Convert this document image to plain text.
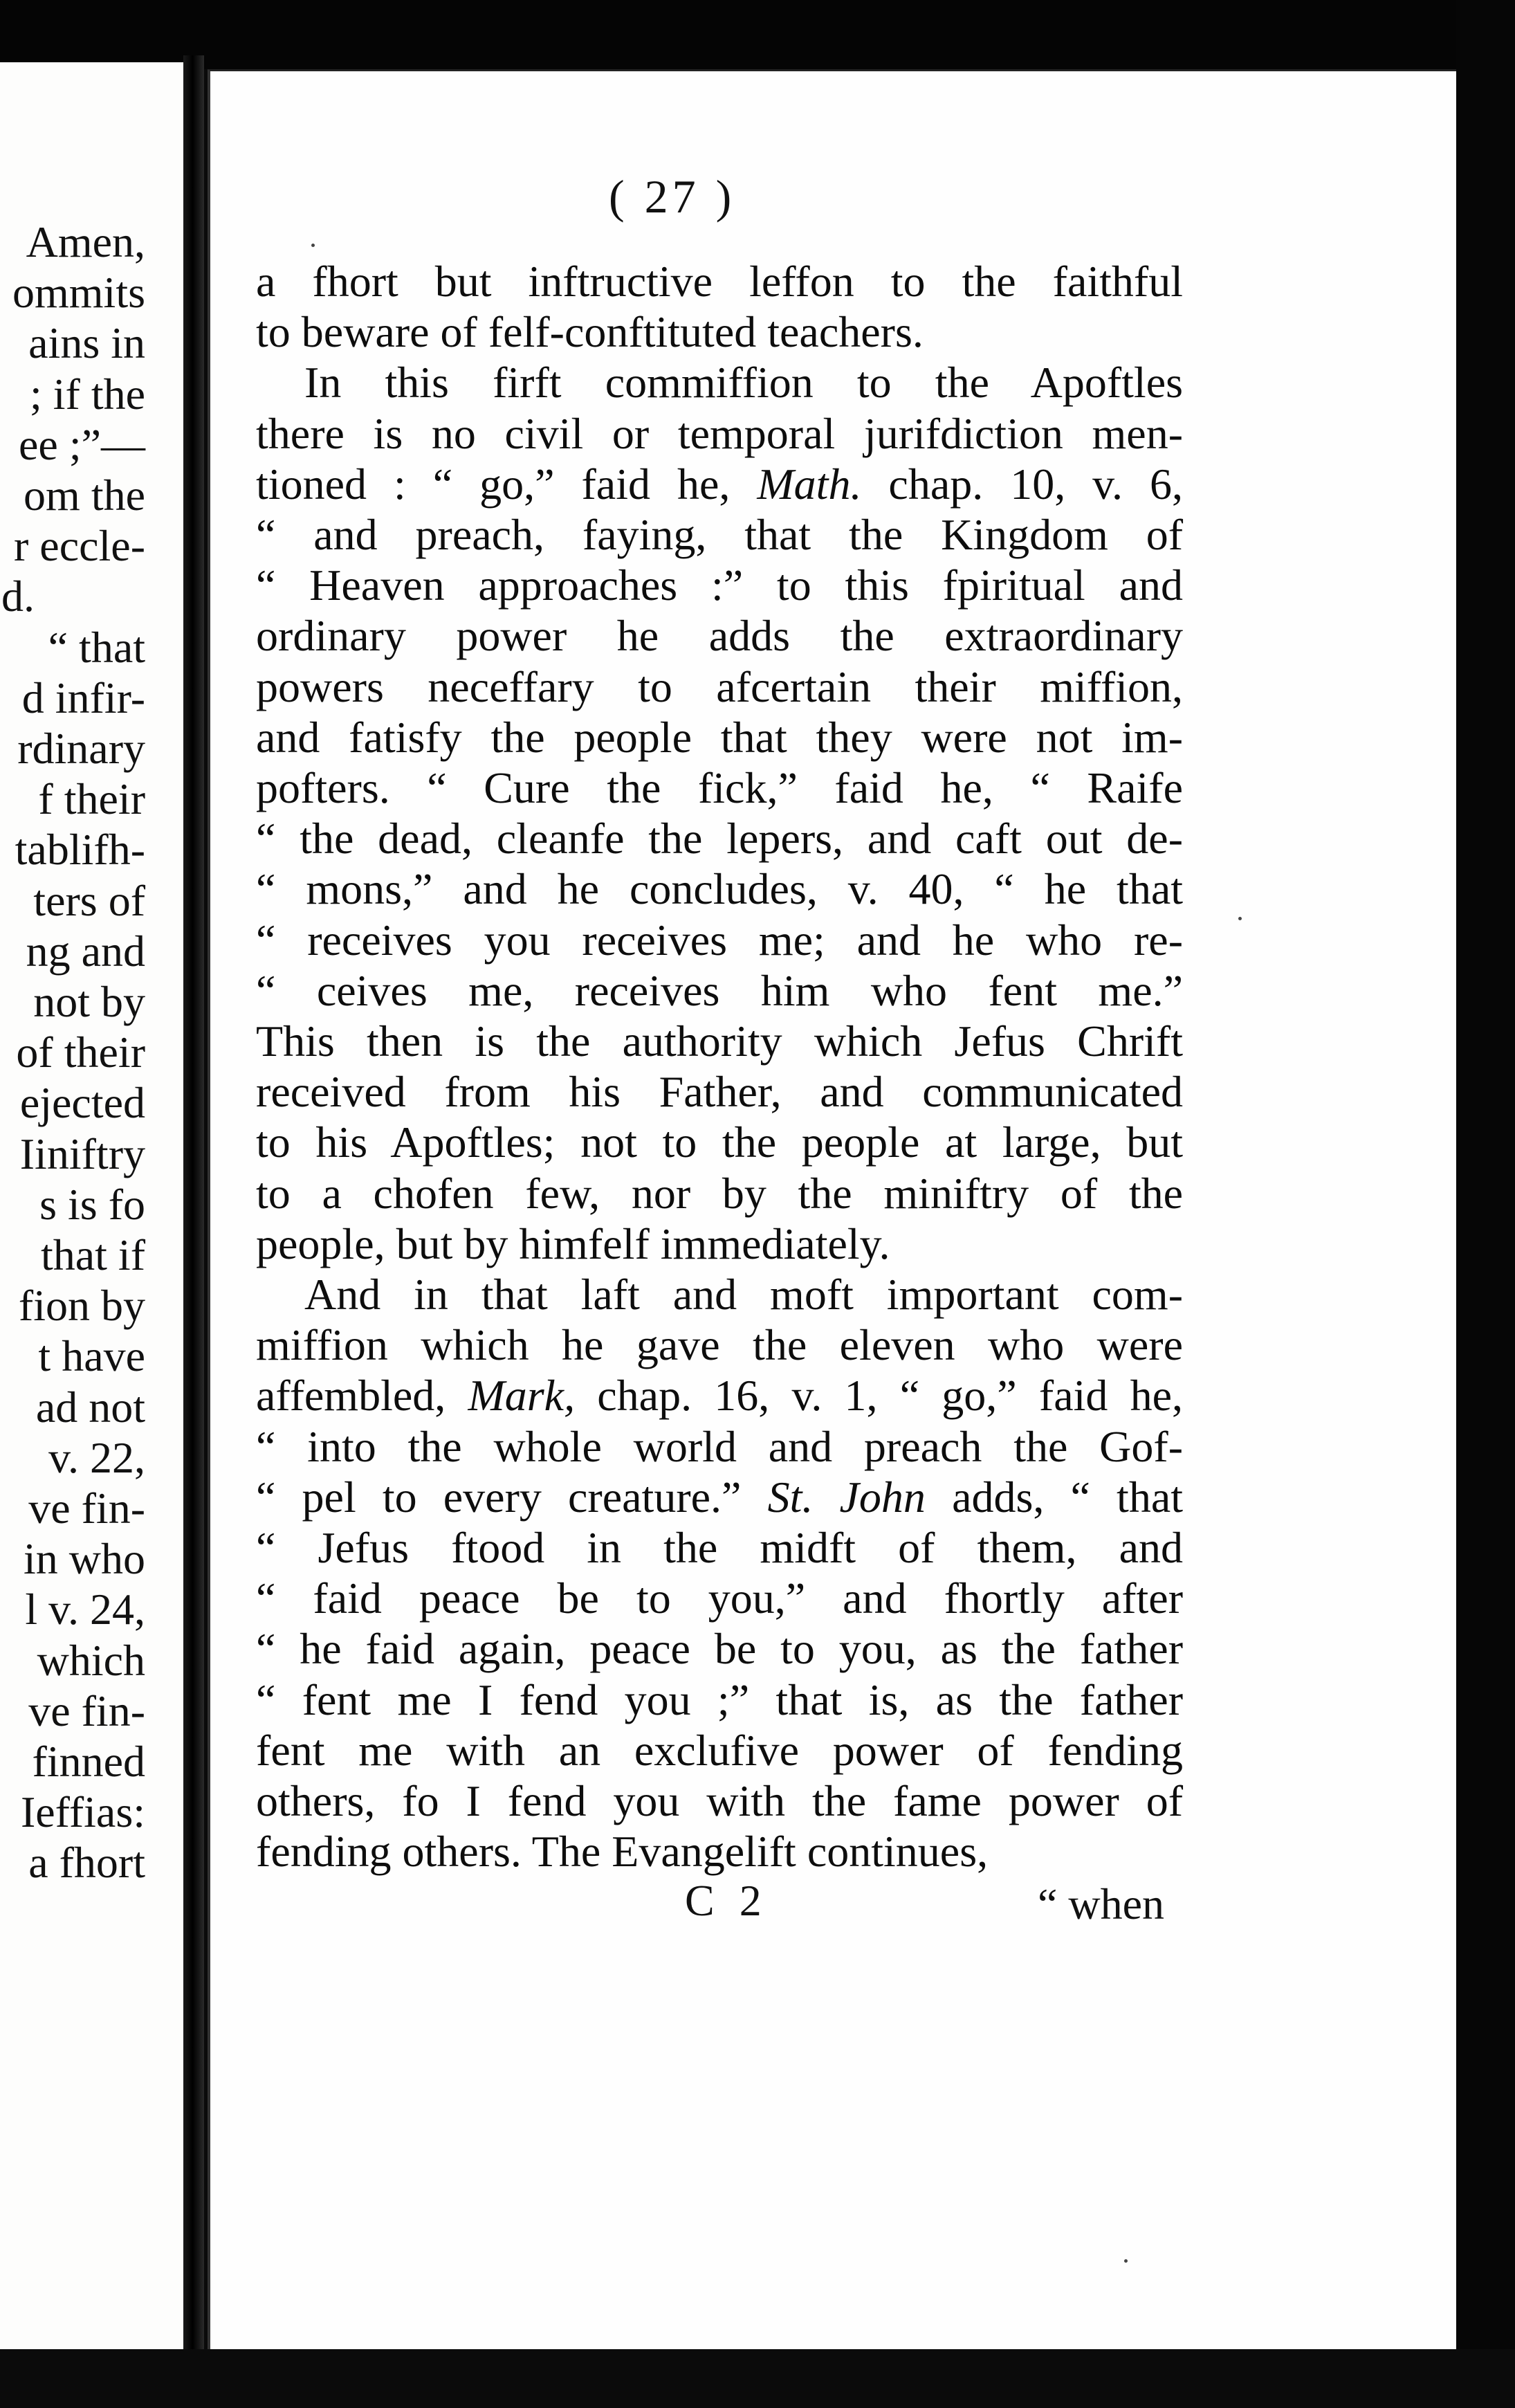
Amen,
ommits
ains in
; if the
ee ;”—
om the
r eccle-
d.
“ that
d infir-
rdinary
f their
tablifh-
ters of
ng and
not by
of their
ejected
Iiniftry
s is fo
that if
fion by
t have
ad not
v. 22,
ve fin-
in who
l v. 24,
which
ve fin-
finned
Ieffias:
a fhort
( 27 )
a fhort but inftructive leffon to the faithful
to beware of felf-conftituted teachers.
In this firft commiffion to the Apoftles
there is no civil or temporal jurifdiction men-
tioned : “ go,” faid he, Math. chap. 10, v. 6,
“ and preach, faying, that the Kingdom of
“ Heaven approaches :” to this fpiritual and
ordinary power he adds the extraordinary
powers neceffary to afcertain their miffion,
and fatisfy the people that they were not im-
pofters. “ Cure the fick,” faid he, “ Raife
“ the dead, cleanfe the lepers, and caft out de-
“ mons,” and he concludes, v. 40, “ he that
“ receives you receives me; and he who re-
“ ceives me, receives him who fent me.”
This then is the authority which Jefus Chrift
received from his Father, and communicated
to his Apoftles; not to the people at large, but
to a chofen few, nor by the miniftry of the
people, but by himfelf immediately.
And in that laft and moft important com-
miffion which he gave the eleven who were
affembled, Mark, chap. 16, v. 1, “ go,” faid he,
“ into the whole world and preach the Gof-
“ pel to every creature.” St. John adds, “ that
“ Jefus ftood in the midft of them, and
“ faid peace be to you,” and fhortly after
“ he faid again, peace be to you, as the father
“ fent me I fend you ;” that is, as the father
fent me with an exclufive power of fending
others, fo I fend you with the fame power of
fending others. The Evangelift continues,
C 2	“ when
